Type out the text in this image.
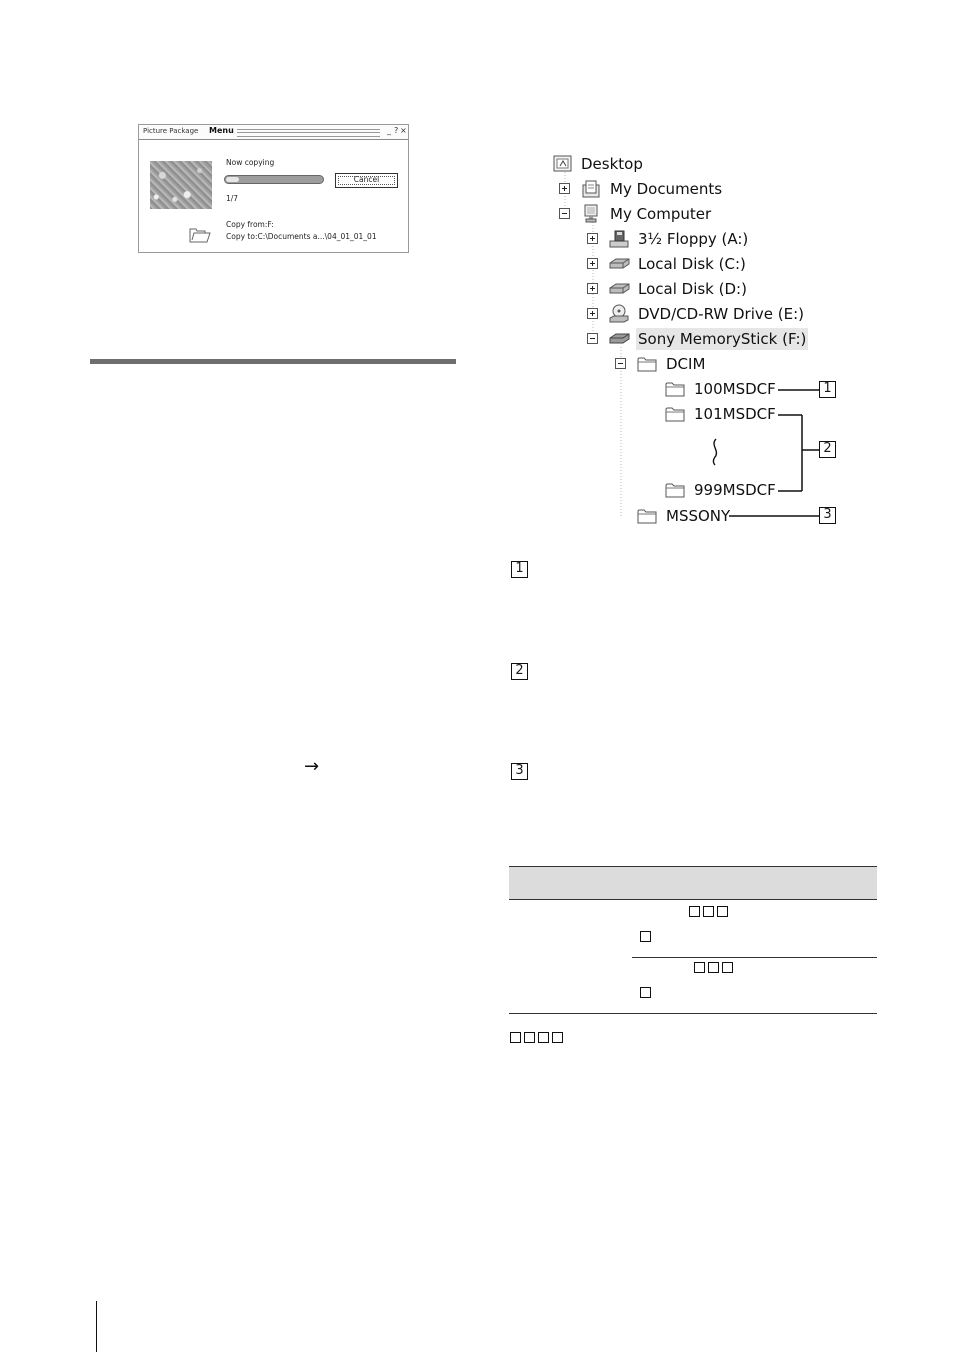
Picture Package Menu	_ ? ×
Now copying
Cancel
1/7
Copy from:F:
Copy to:C:\Documents a...\04_01_01_01
→
Desktop
My Documents
My Computer
3½ Floppy (A:)
Local Disk (C:)
Local Disk (D:)
DVD/CD-RW Drive (E:)
Sony MemoryStick (F:)
DCIM
100MSDCF
101MSDCF
999MSDCF
MSSONY
1
2
3
1
2
3
